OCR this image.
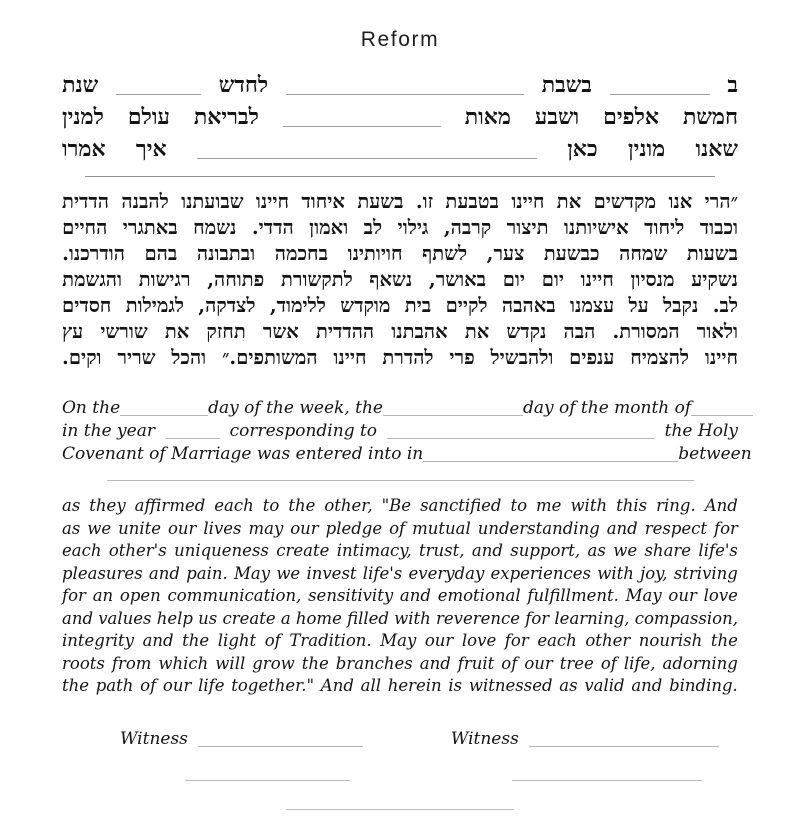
Reform
ב
בשבת
לחדש
שנת
חמשת
אלפים
ושבע
מאות
לבריאת
עולם
למנין
שאנו
מונין
כאן
איך
אמרו
״הרי
אנו
מקדשים
את
חיינו
בטבעת
זו.
בשעת
איחוד
חיינו
שבועתנו
להבנה
הדדית
וכבוד
ליחוד
אישיותנו
תיצור
קרבה,
גילוי
לב
ואמון
הדדי.
נשמח
באתגרי
החיים
בשעות
שמחה
כבשעת
צער,
לשתף
חויותינו
בחכמה
ובתבונה
בהם
הודרכנו.
נשקיע
מנסיון
חיינו
יום
יום
באושר,
נשאף
לתקשורת
פתוחה,
רגישות
והגשמת
לב.
נקבל
על
עצמנו
באהבה
לקיים
בית
מוקדש
ללימוד,
לצדקה,
לגמילות
חסדים
ולאור
המסורת.
הבה
נקדש
את
אהבתנו
ההדדית
אשר
תחזק
את
שורשי
עץ
חיינו
להצמיח
ענפים
ולהבשיל
פרי
להדרת
חיינו
המשותפים.״
והכל
שריר
וקים.
On the	day of the week, the	day of the month of
in the year	corresponding to	the Holy
Covenant of Marriage was entered into in	between
as they affirmed each to the other, "Be sanctified to me with this ring. And
as we unite our lives may our pledge of mutual understanding and respect for
each other's uniqueness create intimacy, trust, and support, as we share life's
pleasures and pain. May we invest life's everyday experiences with joy, striving
for an open communication, sensitivity and emotional fulfillment. May our love
and values help us create a home filled with reverence for learning, compassion,
integrity and the light of Tradition. May our love for each other nourish the
roots from which will grow the branches and fruit of our tree of life, adorning
the path of our life together." And all herein is witnessed as valid and binding.
Witness	Witness
